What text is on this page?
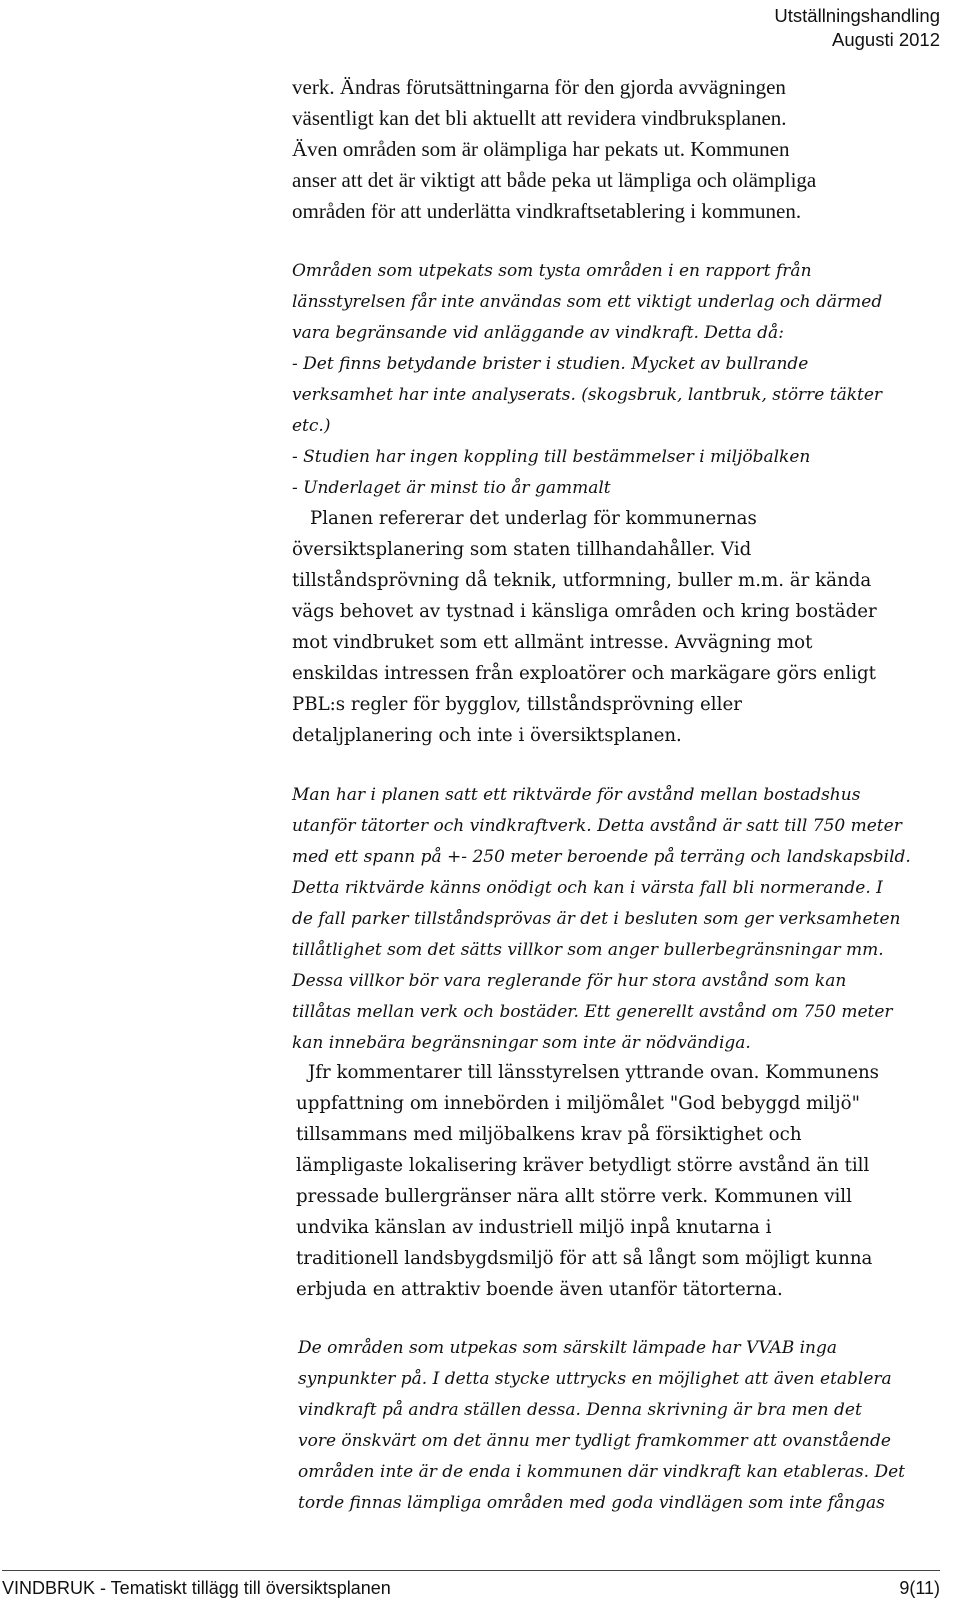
Utställningshandling
Augusti 2012
verk. Ändras förutsättningarna för den gjorda avvägningen
väsentligt kan det bli aktuellt att revidera vindbruksplanen.
Även områden som är olämpliga har pekats ut. Kommunen
anser att det är viktigt att både peka ut lämpliga och olämpliga
områden för att underlätta vindkraftsetablering i kommunen.
Områden som utpekats som tysta områden i en rapport från
länsstyrelsen får inte användas som ett viktigt underlag och därmed
vara begränsande vid anläggande av vindkraft. Detta då:
- Det finns betydande brister i studien. Mycket av bullrande
verksamhet har inte analyserats. (skogsbruk, lantbruk, större täkter
etc.)
- Studien har ingen koppling till bestämmelser i miljöbalken
- Underlaget är minst tio år gammalt
Planen refererar det underlag för kommunernas
översiktsplanering som staten tillhandahåller. Vid
tillståndsprövning då teknik, utformning, buller m.m. är kända
vägs behovet av tystnad i känsliga områden och kring bostäder
mot vindbruket som ett allmänt intresse. Avvägning mot
enskildas intressen från exploatörer och markägare görs enligt
PBL:s regler för bygglov, tillståndsprövning eller
detaljplanering och inte i översiktsplanen.
Man har i planen satt ett riktvärde för avstånd mellan bostadshus
utanför tätorter och vindkraftverk. Detta avstånd är satt till 750 meter
med ett spann på +- 250 meter beroende på terräng och landskapsbild.
Detta riktvärde känns onödigt och kan i värsta fall bli normerande. I
de fall parker tillståndsprövas är det i besluten som ger verksamheten
tillåtlighet som det sätts villkor som anger bullerbegränsningar mm.
Dessa villkor bör vara reglerande för hur stora avstånd som kan
tillåtas mellan verk och bostäder. Ett generellt avstånd om 750 meter
kan innebära begränsningar som inte är nödvändiga.
Jfr kommentarer till länsstyrelsen yttrande ovan. Kommunens
uppfattning om innebörden i miljömålet "God bebyggd miljö"
tillsammans med miljöbalkens krav på försiktighet och
lämpligaste lokalisering kräver betydligt större avstånd än till
pressade bullergränser nära allt större verk. Kommunen vill
undvika känslan av industriell miljö inpå knutarna i
traditionell landsbygdsmiljö för att så långt som möjligt kunna
erbjuda en attraktiv boende även utanför tätorterna.
De områden som utpekas som särskilt lämpade har VVAB inga
synpunkter på. I detta stycke uttrycks en möjlighet att även etablera
vindkraft på andra ställen dessa. Denna skrivning är bra men det
vore önskvärt om det ännu mer tydligt framkommer att ovanstående
områden inte är de enda i kommunen där vindkraft kan etableras. Det
torde finnas lämpliga områden med goda vindlägen som inte fångas
VINDBRUK - Tematiskt tillägg till översiktsplanen	9(11)
